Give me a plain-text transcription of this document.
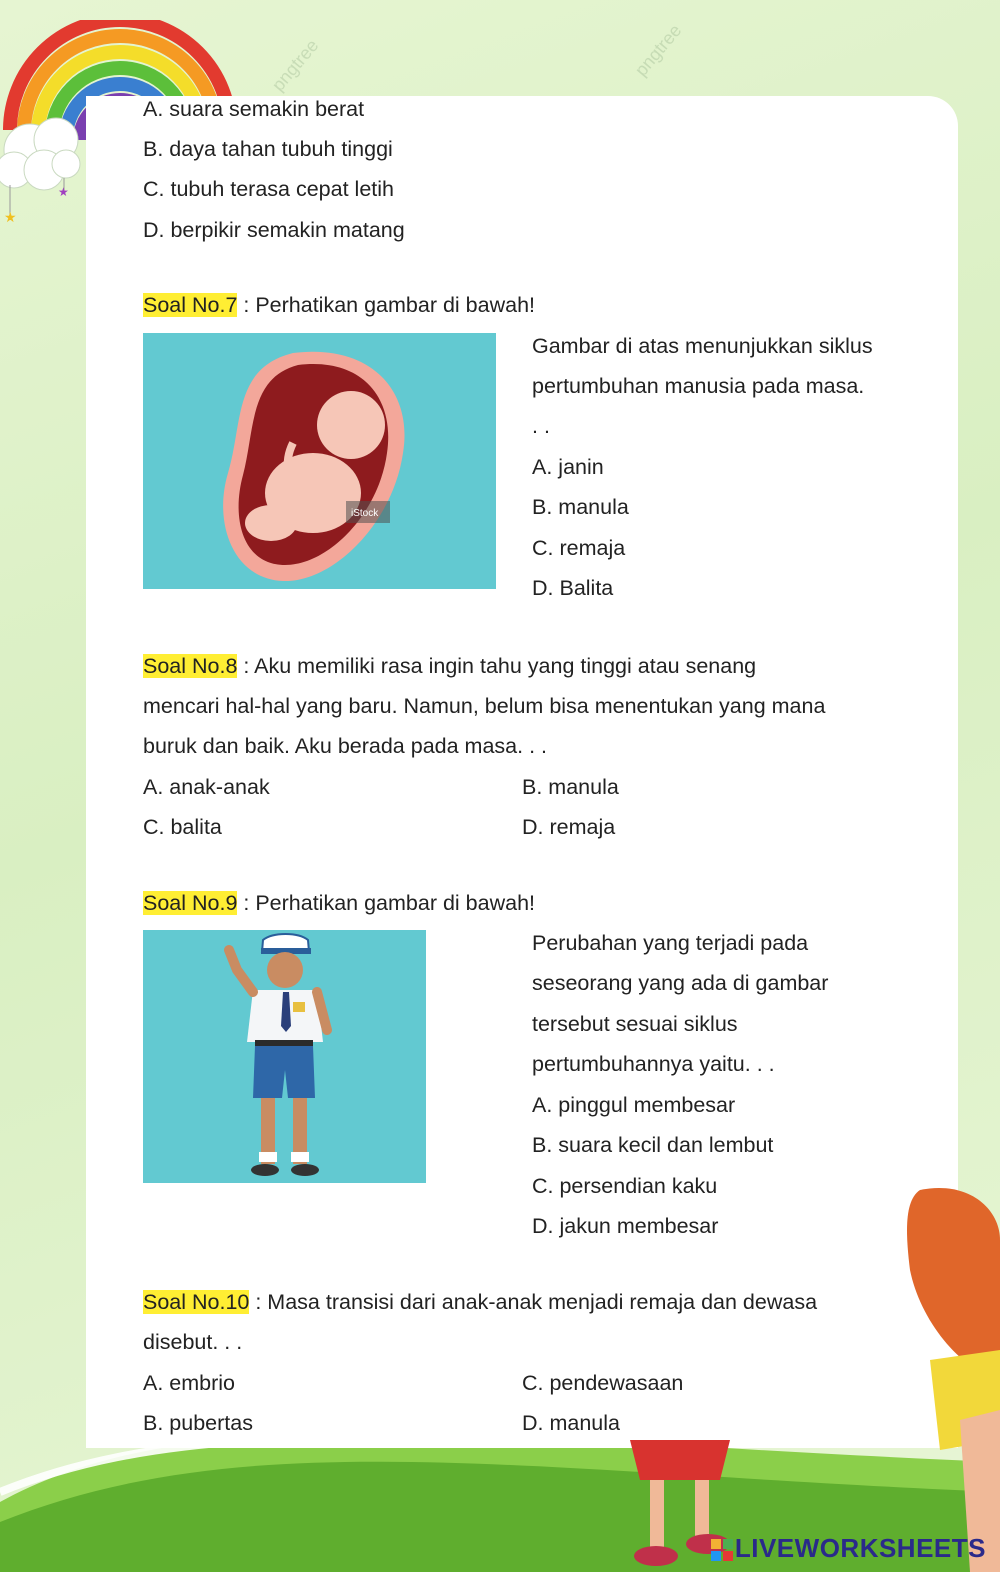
pngtree	pngtree
★
★
A. suara semakin berat
B. daya tahan tubuh tinggi
C. tubuh terasa cepat letih
D. berpikir semakin matang
Soal No.7 : Perhatikan gambar di bawah!
iStock
Gambar di atas menunjukkan siklus
pertumbuhan manusia pada masa.
. .
A. janin
B. manula
C. remaja
D. Balita
Soal No.8 : Aku memiliki rasa ingin tahu yang tinggi atau senang
mencari hal-hal yang baru. Namun, belum bisa menentukan yang mana
buruk dan baik. Aku berada pada masa. . .
A. anak-anak	B. manula
C. balita	D. remaja
Soal No.9 : Perhatikan gambar di bawah!
Perubahan yang terjadi pada
seseorang yang ada di gambar
tersebut sesuai siklus
pertumbuhannya yaitu. . .
A. pinggul membesar
B. suara kecil dan lembut
C. persendian kaku
D. jakun membesar
Soal No.10 : Masa transisi dari anak-anak menjadi remaja dan dewasa
disebut. . .
A. embrio	C. pendewasaan
B. pubertas	D. manula
LIVEWORKSHEETS
